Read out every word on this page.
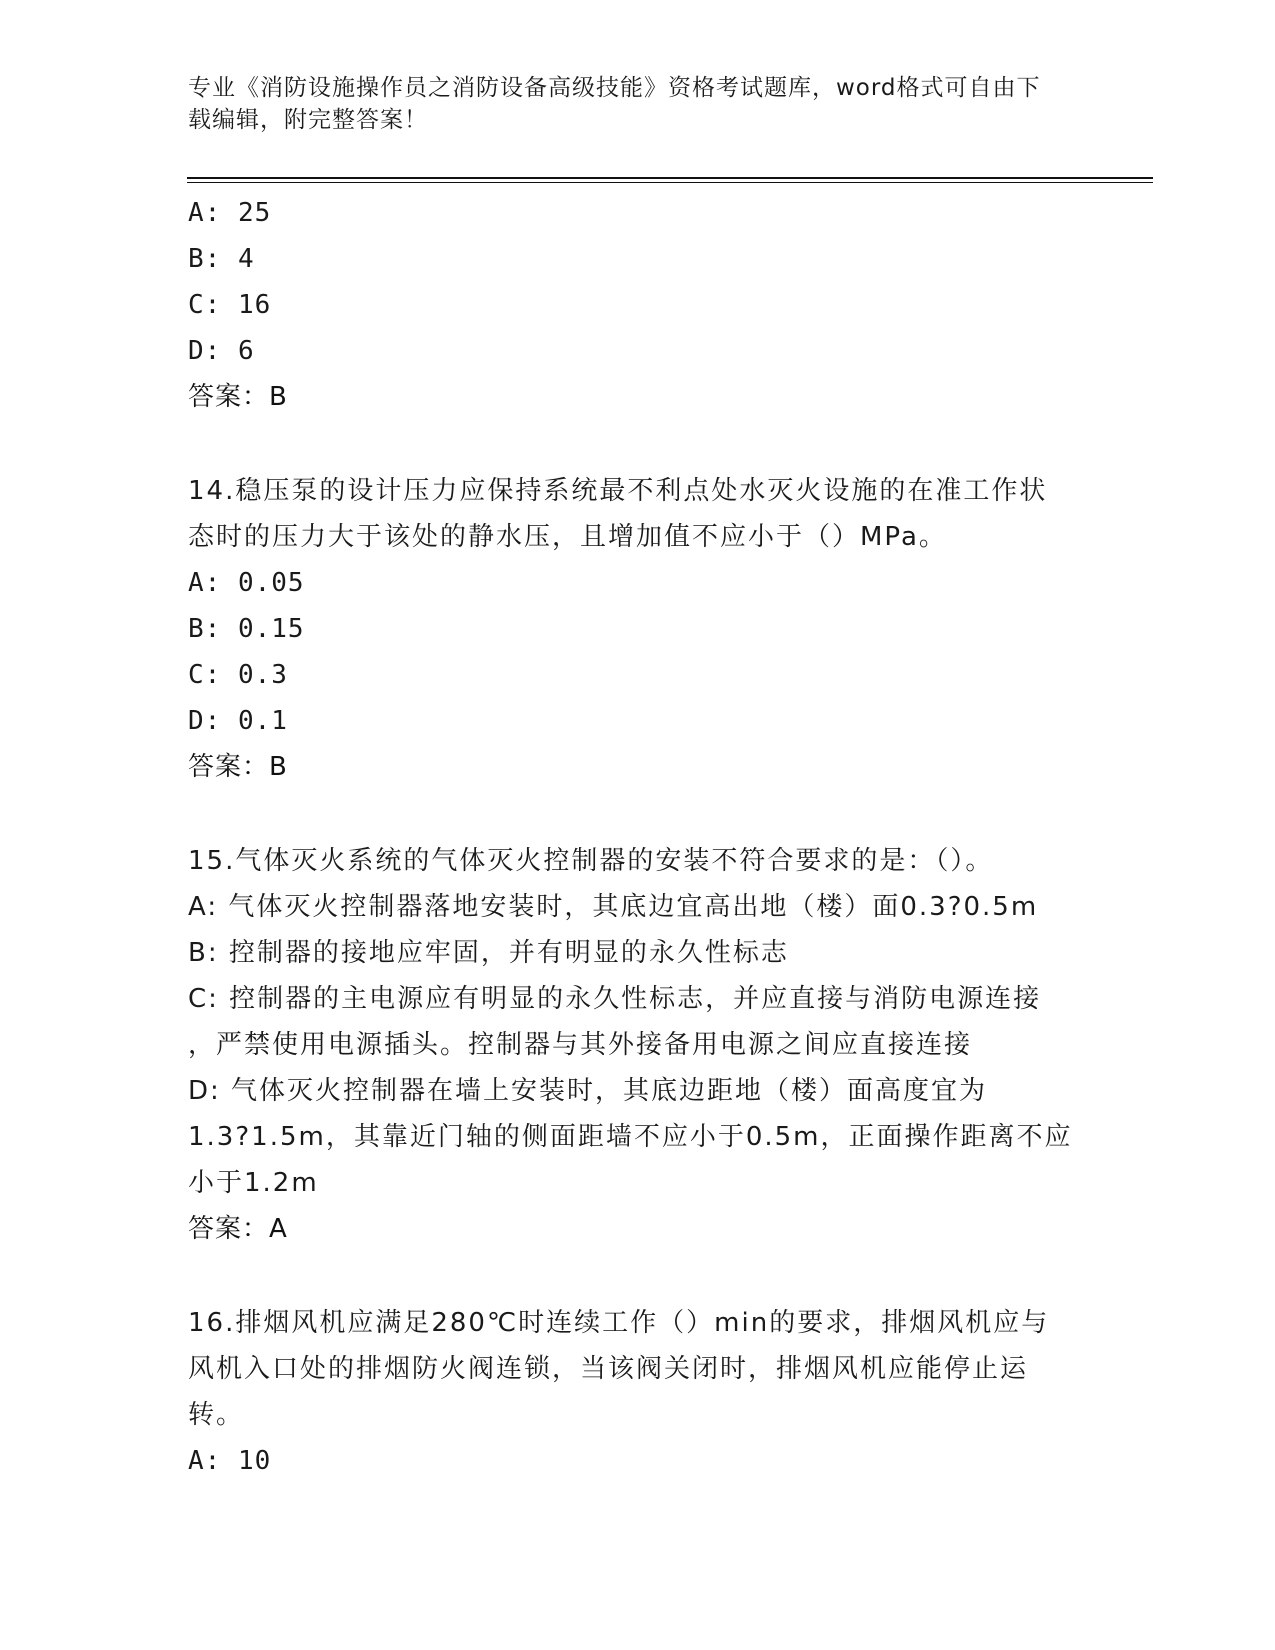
专业《消防设施操作员之消防设备高级技能》资格考试题库，word格式可自由下
载编辑，附完整答案！
A: 25
B: 4
C: 16
D: 6
答案：B
14.稳压泵的设计压力应保持系统最不利点处水灭火设施的在准工作状
态时的压力大于该处的静水压，且增加值不应小于（）MPa。
A: 0.05
B: 0.15
C: 0.3
D: 0.1
答案：B
15.气体灭火系统的气体灭火控制器的安装不符合要求的是：（）。
A: 气体灭火控制器落地安装时，其底边宜高出地（楼）面0.3?0.5m
B: 控制器的接地应牢固，并有明显的永久性标志
C: 控制器的主电源应有明显的永久性标志，并应直接与消防电源连接
，严禁使用电源插头。控制器与其外接备用电源之间应直接连接
D: 气体灭火控制器在墙上安装时，其底边距地（楼）面高度宜为
1.3?1.5m，其靠近门轴的侧面距墙不应小于0.5m，正面操作距离不应
小于1.2m
答案：A
16.排烟风机应满足280℃时连续工作（）min的要求，排烟风机应与
风机入口处的排烟防火阀连锁，当该阀关闭时，排烟风机应能停止运
转。
A: 10
